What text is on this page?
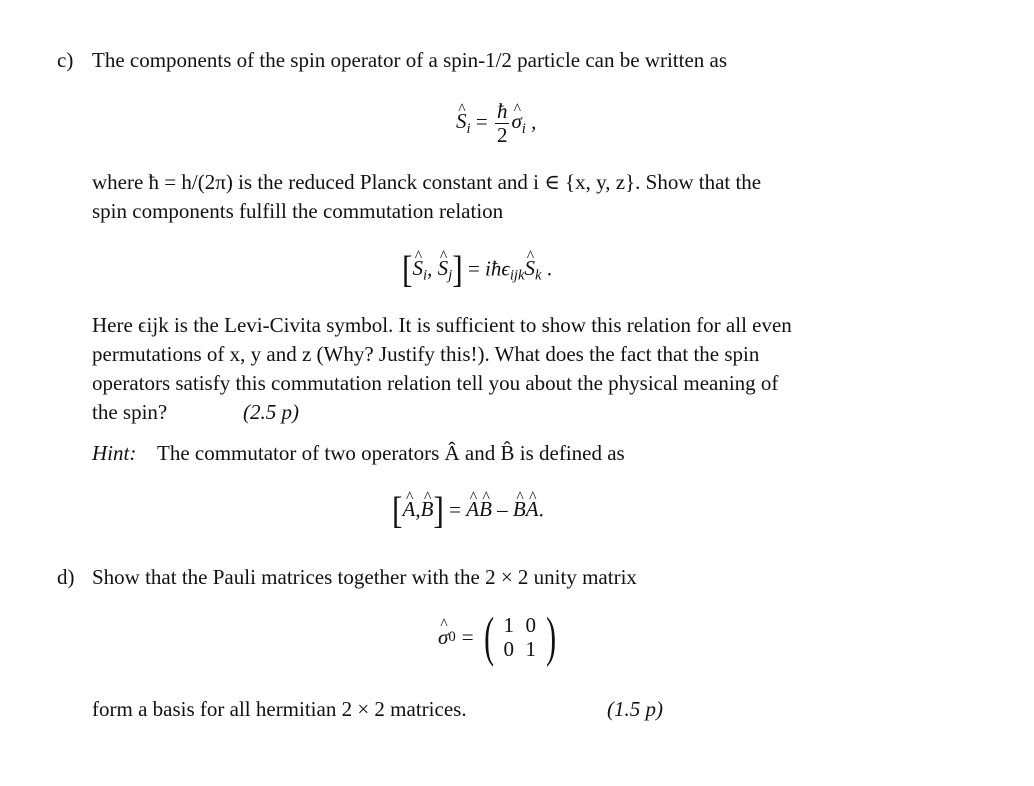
c) The components of the spin operator of a spin-1/2 particle can be written as
^ $S_i = \frac{ħ}{2}$ ^ $\sigma_i$ ,
where ħ = h/(2π) is the reduced Planck constant and i ∈ {x, y, z}. Show that the
spin components fulfill the commutation relation
[^ $S_i$, ^ $S_j$] = iħϵ$_{ijk}$^ $S_k$ .
Here ϵijk is the Levi-Civita symbol. It is sufficient to show this relation for all even
permutations of x, y and z (Why? Justify this!). What does the fact that the spin
operators satisfy this commutation relation tell you about the physical meaning of
the spin?	(2.5 p)
Hint: The commutator of two operators Â and B̂ is defined as
[^ A,^ B] = ^ A^ B – ^ B^ A.
d) Show that the Pauli matrices together with the 2 × 2 unity matrix
^ σ 0 = ( 1 0
0 1 )
form a basis for all hermitian 2 × 2 matrices.	(1.5 p)
